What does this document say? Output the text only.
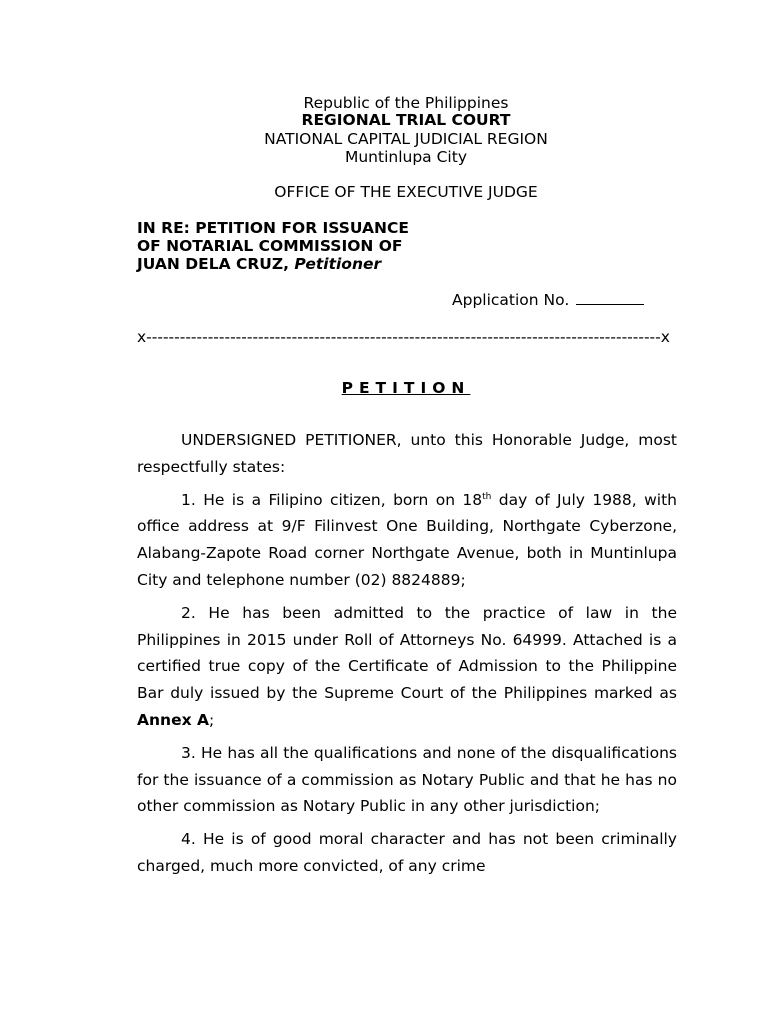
Republic of the Philippines
REGIONAL TRIAL COURT
NATIONAL CAPITAL JUDICIAL REGION
Muntinlupa City
OFFICE OF THE EXECUTIVE JUDGE
IN RE: PETITION FOR ISSUANCE
OF NOTARIAL COMMISSION OF
JUAN DELA CRUZ, Petitioner
Application No.
x--------------------------------------------------------------------------------------------x
PETITION

UNDERSIGNED PETITIONER, unto this Honorable Judge, most respectfully states:

1. He is a Filipino citizen, born on 18th day of July 1988, with office address at 9/F Filinvest One Building, Northgate Cyberzone, Alabang-Zapote Road corner Northgate Avenue, both in Muntinlupa City and telephone number (02) 8824889;

2. He has been admitted to the practice of law in the Philippines in 2015 under Roll of Attorneys No. 64999. Attached is a certified true copy of the Certificate of Admission to the Philippine Bar duly issued by the Supreme Court of the Philippines marked as Annex A;

3. He has all the qualifications and none of the disqualifications for the issuance of a commission as Notary Public and that he has no other commission as Notary Public in any other jurisdiction;

4. He is of good moral character and has not been criminally charged, much more convicted, of any crime
